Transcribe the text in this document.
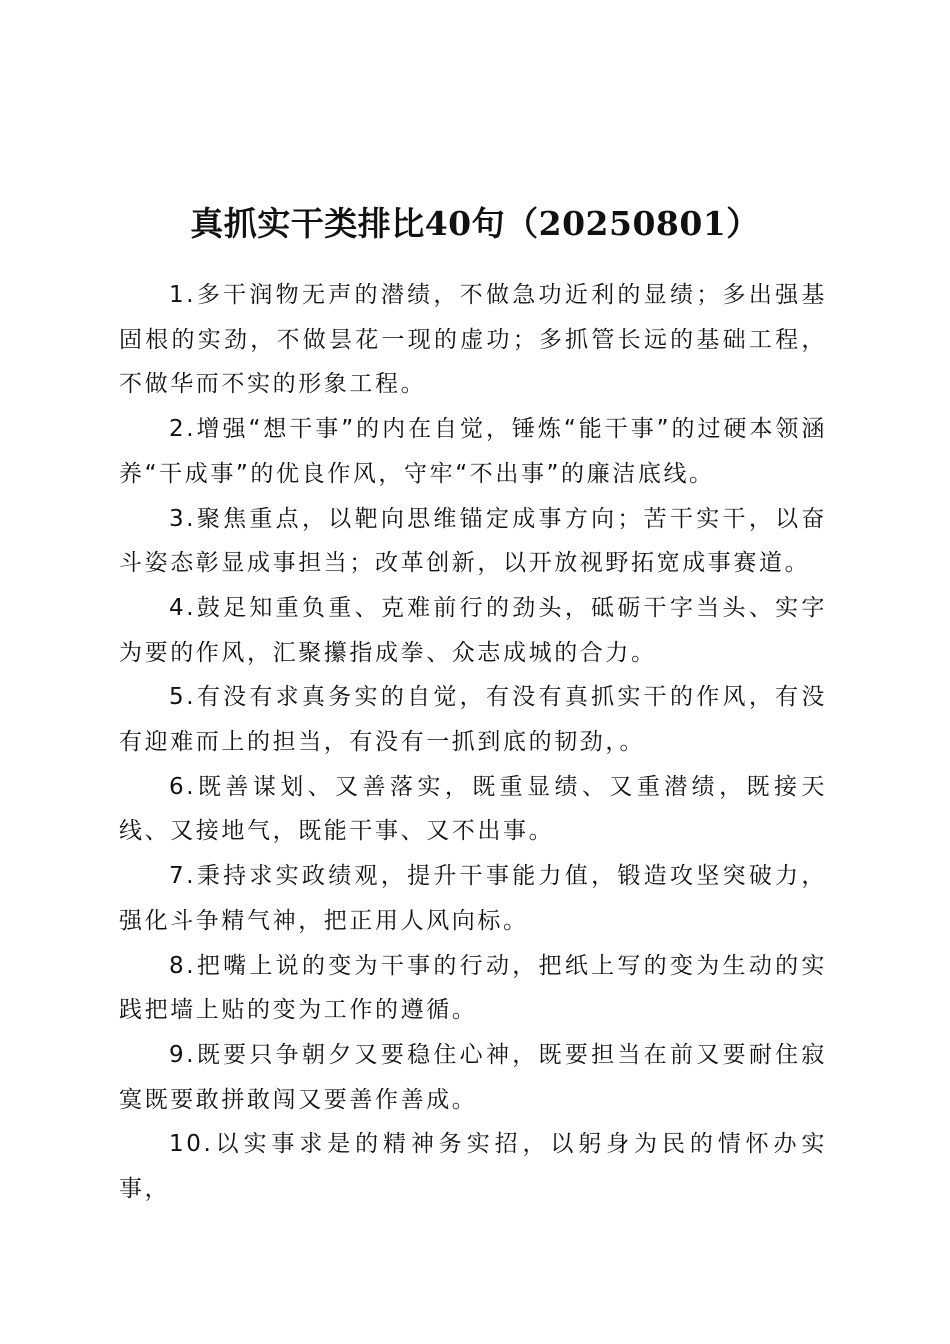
真抓实干类排比40句（20250801）

1.多干润物无声的潜绩，不做急功近利的显绩；多出强基固根的实劲，不做昙花一现的虚功；多抓管长远的基础工程，不做华而不实的形象工程。

2.增强“想干事”的内在自觉，锤炼“能干事”的过硬本领涵养“干成事”的优良作风，守牢“不出事”的廉洁底线。

3.聚焦重点，以靶向思维锚定成事方向；苦干实干，以奋斗姿态彰显成事担当；改革创新，以开放视野拓宽成事赛道。

4.鼓足知重负重、克难前行的劲头，砥砺干字当头、实字为要的作风，汇聚攥指成拳、众志成城的合力。

5.有没有求真务实的自觉，有没有真抓实干的作风，有没有迎难而上的担当，有没有一抓到底的韧劲，。

6.既善谋划、又善落实，既重显绩、又重潜绩，既接天线、又接地气，既能干事、又不出事。

7.秉持求实政绩观，提升干事能力值，锻造攻坚突破力，强化斗争精气神，把正用人风向标。

8.把嘴上说的变为干事的行动，把纸上写的变为生动的实践把墙上贴的变为工作的遵循。

9.既要只争朝夕又要稳住心神，既要担当在前又要耐住寂寞既要敢拼敢闯又要善作善成。

10.以实事求是的精神务实招，以躬身为民的情怀办实事，
